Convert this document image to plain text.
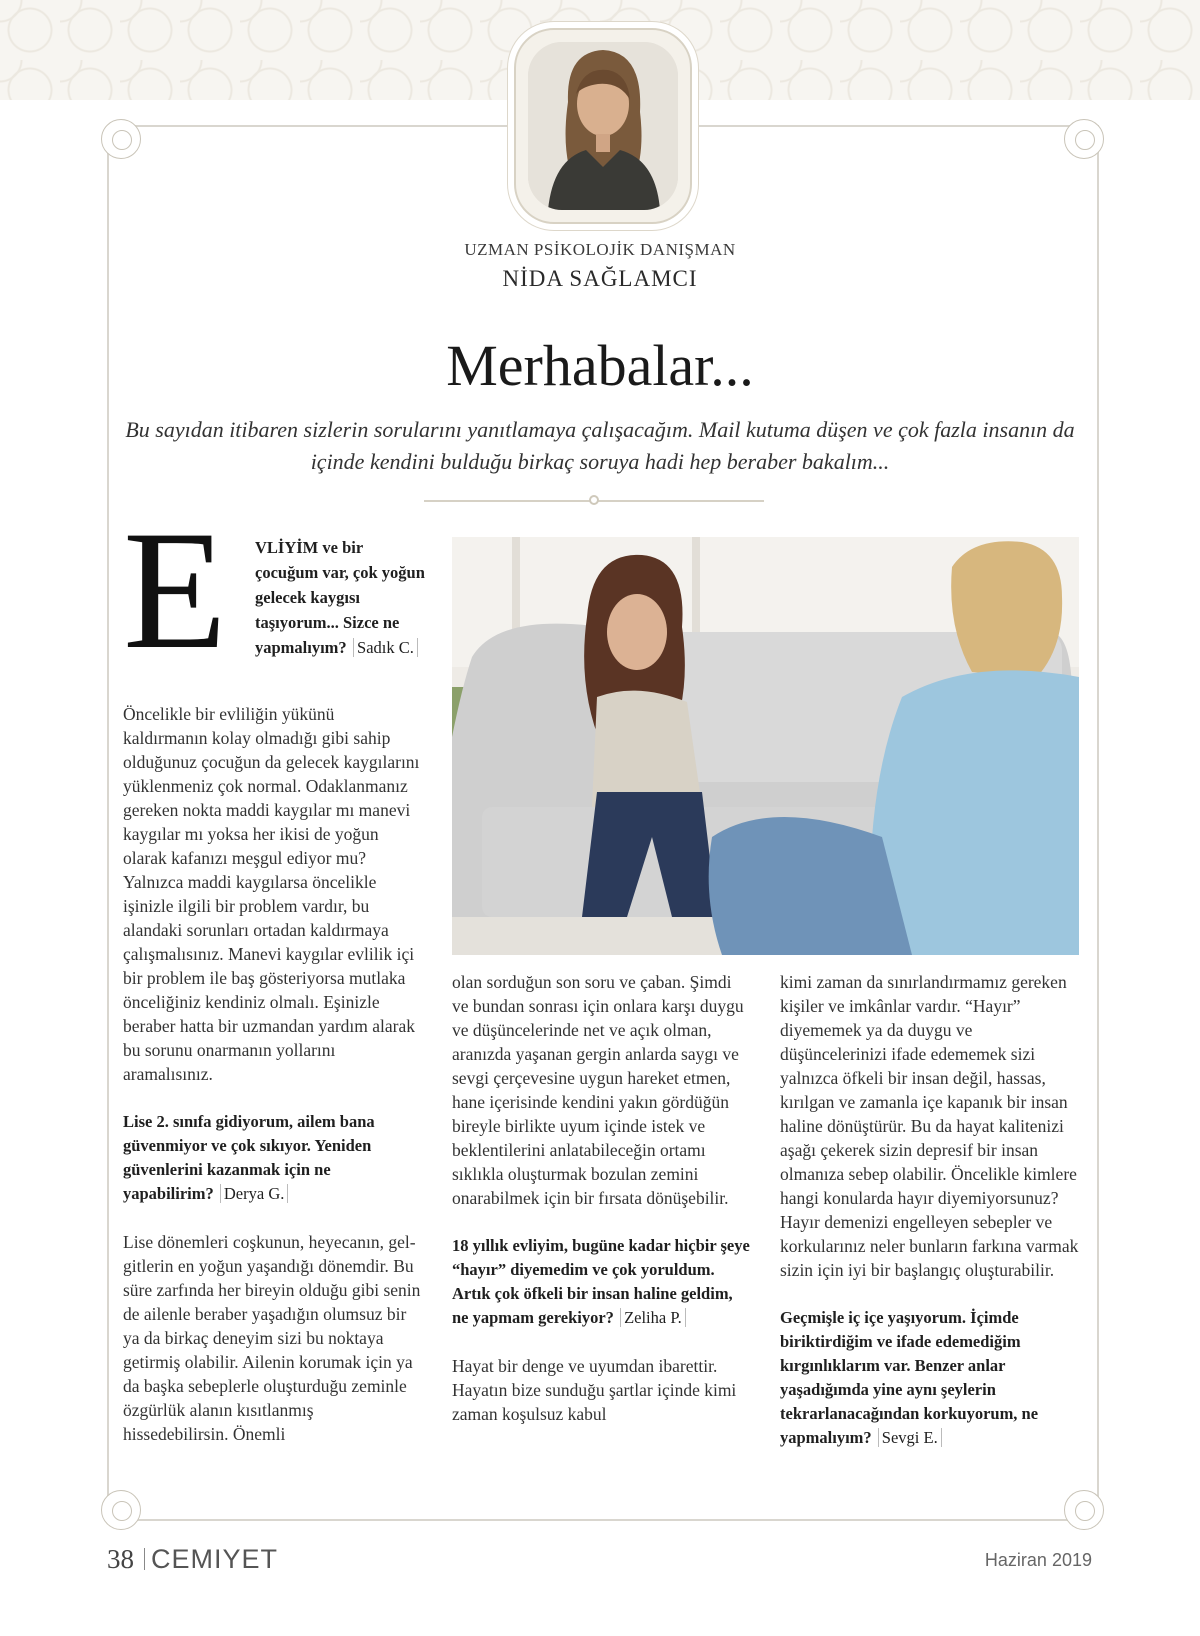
UZMAN PSİKOLOJİK DANIŞMAN
NİDA SAĞLAMCI
Merhabalar...

Bu sayıdan itibaren sizlerin sorularını yanıtlamaya çalışacağım. Mail kutuma düşen ve çok fazla insanın da içinde kendini bulduğu birkaç soruya hadi hep beraber bakalım...

E VLİYİM ve bir çocuğum var, çok yoğun gelecek kaygısı taşıyorum... Sizce ne yapmalıyım? Sadık C.

Öncelikle bir evliliğin yükünü kaldırmanın kolay olmadığı gibi sahip olduğunuz çocuğun da gelecek kaygılarını yüklenmeniz çok normal. Odaklanmanız gereken nokta maddi kaygılar mı manevi kaygılar mı yoksa her ikisi de yoğun olarak kafanızı meşgul ediyor mu? Yalnızca maddi kaygılarsa öncelikle işinizle ilgili bir problem vardır, bu alandaki sorunları ortadan kaldırmaya çalışmalısınız. Manevi kaygılar evlilik içi bir problem ile baş gösteriyorsa mutlaka önceliğiniz kendiniz olmalı. Eşinizle beraber hatta bir uzmandan yardım alarak bu sorunu onarmanın yollarını aramalısınız.

Lise 2. sınıfa gidiyorum, ailem bana güvenmiyor ve çok sıkıyor. Yeniden güvenlerini kazanmak için ne yapabilirim? Derya G.

Lise dönemleri coşkunun, heyecanın, gel-gitlerin en yoğun yaşandığı dönemdir. Bu süre zarfında her bireyin olduğu gibi senin de ailenle beraber yaşadığın olumsuz bir ya da birkaç deneyim sizi bu noktaya getirmiş olabilir. Ailenin korumak için ya da başka sebeplerle oluşturduğu zeminle özgürlük alanın kısıtlanmış hissedebilirsin. Önemli

olan sorduğun son soru ve çaban. Şimdi ve bundan sonrası için onlara karşı duygu ve düşüncelerinde net ve açık olman, aranızda yaşanan gergin anlarda saygı ve sevgi çerçevesine uygun hareket etmen, hane içerisinde kendini yakın gördüğün bireyle birlikte uyum içinde istek ve beklentilerini anlatabileceğin ortamı sıklıkla oluşturmak bozulan zemini onarabilmek için bir fırsata dönüşebilir.

18 yıllık evliyim, bugüne kadar hiçbir şeye “hayır” diyemedim ve çok yoruldum. Artık çok öfkeli bir insan haline geldim, ne yapmam gerekiyor? Zeliha P.

Hayat bir denge ve uyumdan ibarettir. Hayatın bize sunduğu şartlar içinde kimi zaman koşulsuz kabul

kimi zaman da sınırlandırmamız gereken kişiler ve imkânlar vardır. “Hayır” diyememek ya da duygu ve düşüncelerinizi ifade edememek sizi yalnızca öfkeli bir insan değil, hassas, kırılgan ve zamanla içe kapanık bir insan haline dönüştürür. Bu da hayat kalitenizi aşağı çekerek sizin depresif bir insan olmanıza sebep olabilir. Öncelikle kimlere hangi konularda hayır diyemiyorsunuz? Hayır demenizi engelleyen sebepler ve korkularınız neler bunların farkına varmak sizin için iyi bir başlangıç oluşturabilir.

Geçmişle iç içe yaşıyorum. İçimde biriktirdiğim ve ifade edemediğim kırgınlıklarım var. Benzer anlar yaşadığımda yine aynı şeylerin tekrarlanacağından korkuyorum, ne yapmalıyım? Sevgi E.

38 CEMIYET	Haziran 2019
